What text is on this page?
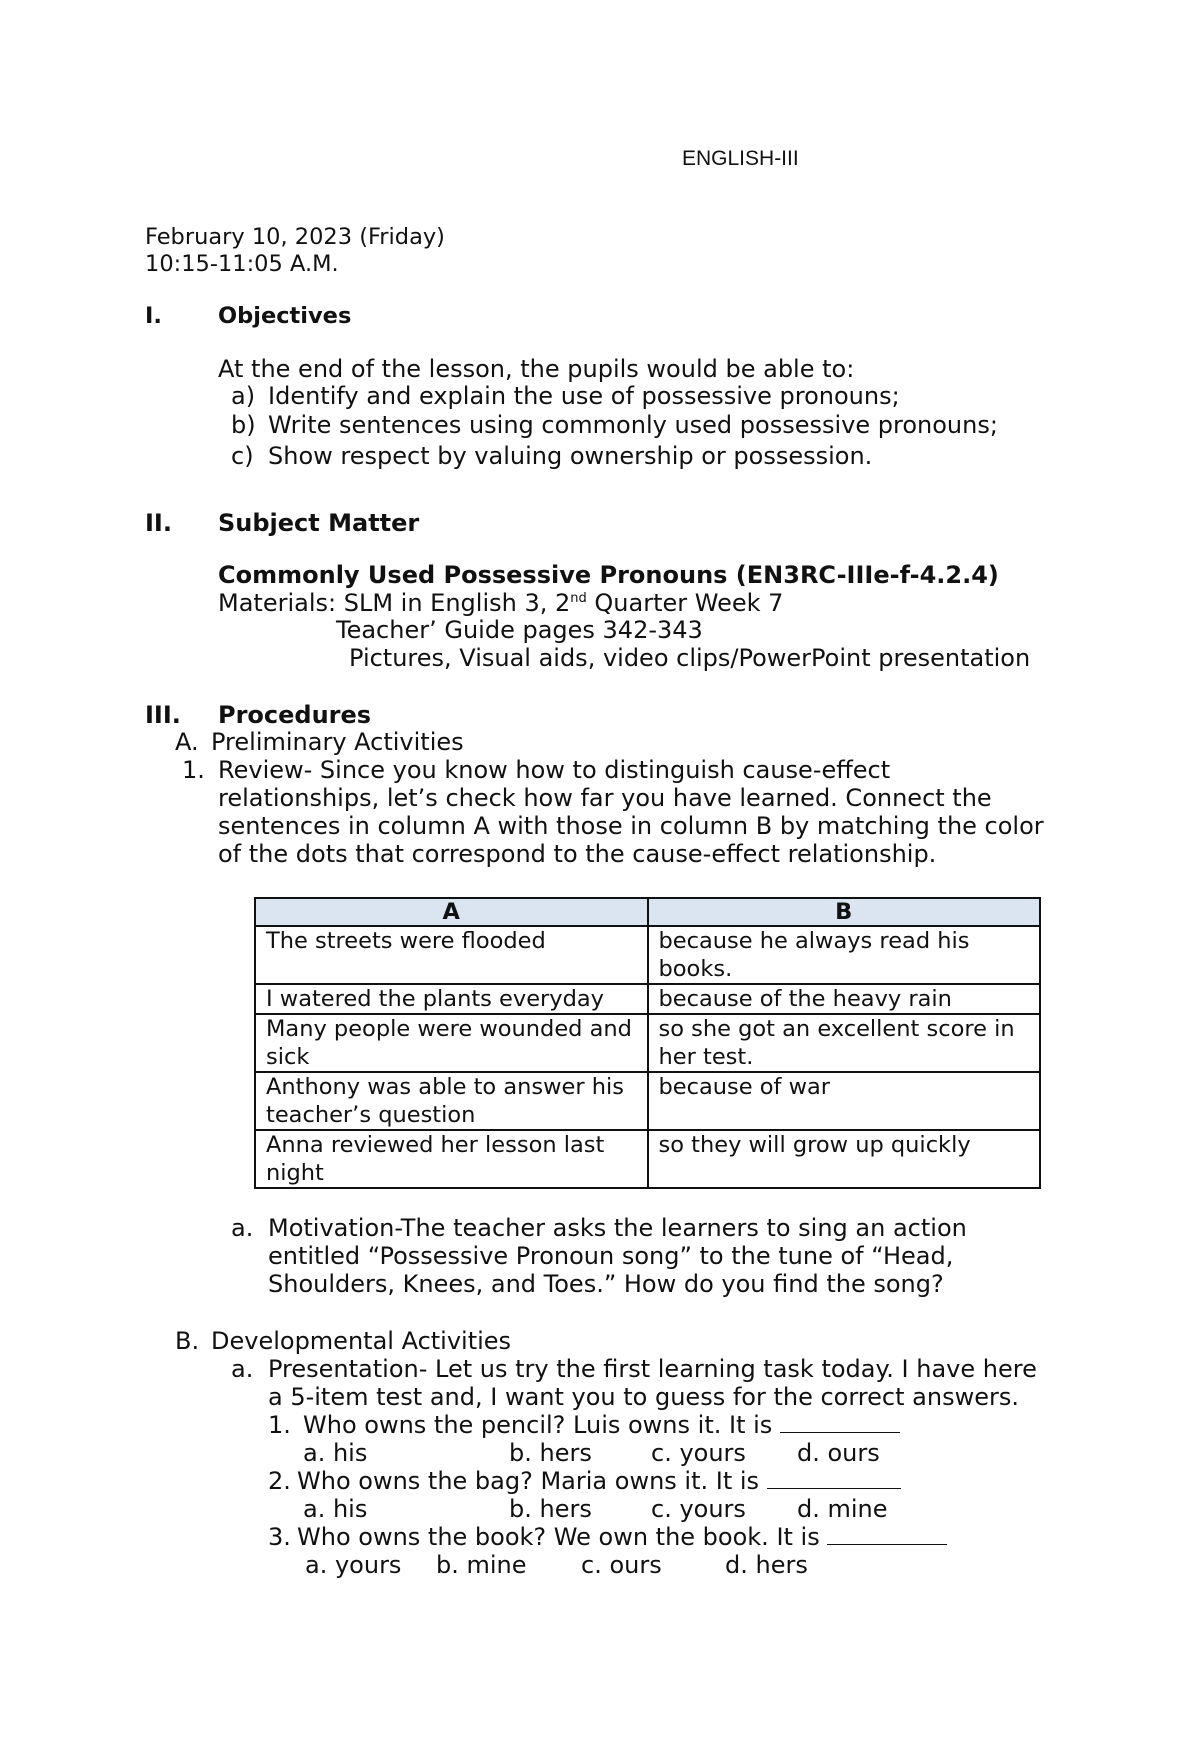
ENGLISH-III
February 10, 2023 (Friday)
10:15-11:05 A.M.
I. Objectives
At the end of the lesson, the pupils would be able to:
a) Identify and explain the use of possessive pronouns;
b) Write sentences using commonly used possessive pronouns;
c) Show respect by valuing ownership or possession.
II. Subject Matter
Commonly Used Possessive Pronouns (EN3RC-IIIe-f-4.2.4)
Materials: SLM in English 3, 2nd Quarter Week 7
Teacher’ Guide pages 342-343
Pictures, Visual aids, video clips/PowerPoint presentation
III. Procedures
A. Preliminary Activities
1. Review- Since you know how to distinguish cause-effect
relationships, let’s check how far you have learned. Connect the
sentences in column A with those in column B by matching the color
of the dots that correspond to the cause-effect relationship.
A	B
The streets were flooded	because he always read his books.
I watered the plants everyday	because of the heavy rain
Many people were wounded and sick	so she got an excellent score in her test.
Anthony was able to answer his teacher’s question	because of war
Anna reviewed her lesson last night	so they will grow up quickly
a. Motivation-The teacher asks the learners to sing an action
entitled “Possessive Pronoun song” to the tune of “Head,
Shoulders, Knees, and Toes.” How do you find the song?
B. Developmental Activities
a. Presentation- Let us try the first learning task today. I have here
a 5-item test and, I want you to guess for the correct answers.
1. Who owns the pencil? Luis owns it. It is
a. his	b. hers c. yours d. ours
2. Who owns the bag? Maria owns it. It is
a. his	b. hers c. yours d. mine
3. Who owns the book? We own the book. It is
a. yours b. mine c. ours	d. hers
